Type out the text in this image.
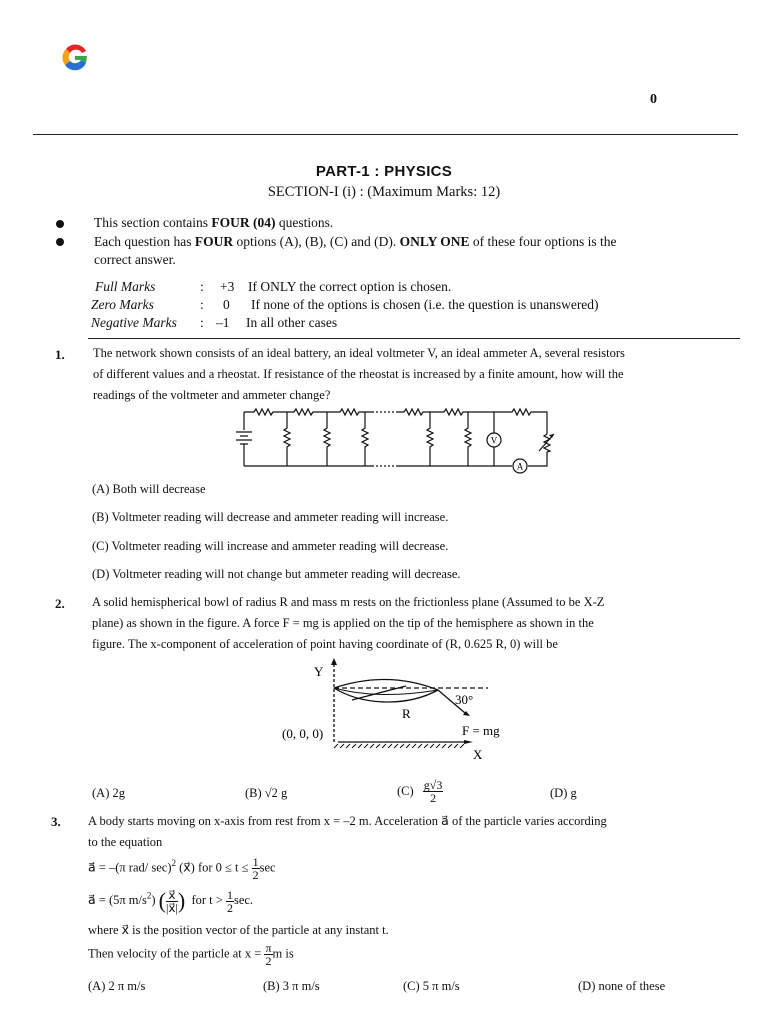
0
PART-1 : PHYSICS
SECTION-I (i) : (Maximum Marks: 12)
This section contains FOUR (04) questions.
Each question has FOUR options (A), (B), (C) and (D). ONLY ONE of these four options is the
correct answer.
Full Marks	: +3 If ONLY the correct option is chosen.
Zero Marks	: 0 If none of the options is chosen (i.e. the question is unanswered)
Negative Marks : –1 In all other cases
1. The network shown consists of an ideal battery, an ideal voltmeter V, an ideal ammeter A, several resistors
of different values and a rheostat. If resistance of the rheostat is increased by a finite amount, how will the
readings of the voltmeter and ammeter change?
V
A
(A) Both will decrease
(B) Voltmeter reading will decrease and ammeter reading will increase.
(C) Voltmeter reading will increase and ammeter reading will decrease.
(D) Voltmeter reading will not change but ammeter reading will decrease.
2. A solid hemispherical bowl of radius R and mass m rests on the frictionless plane (Assumed to be X-Z
plane) as shown in the figure. A force F = mg is applied on the tip of the hemisphere as shown in the
figure. The x-component of acceleration of point having coordinate of (R, 0.625 R, 0) will be
Y
X
(0, 0, 0)
R
30°
F = mg
(A) 2g	(B) √2 g	$(C) \frac{g√3}{2}$	(D) g
3. A body starts moving on x-axis from rest from x = –2 m. Acceleration a⃗ of the particle varies according
to the equation
a⃗ = –(π rad/ sec)$^2$ (x⃗) for $0 \le t \le \frac{1}{2}$ sec
a⃗ = (5π $m/s^2$) ( $\frac{x⃗}{|x⃗|}$ ) for $t > \frac{1}{2} \sec$.
where x⃗ is the position vector of the particle at any instant t.
Then velocity of the particle at $x = \frac{\pi}{2}$ m is
(A) 2 π m/s	(B) 3 π m/s	(C) 5 π m/s	(D) none of these
